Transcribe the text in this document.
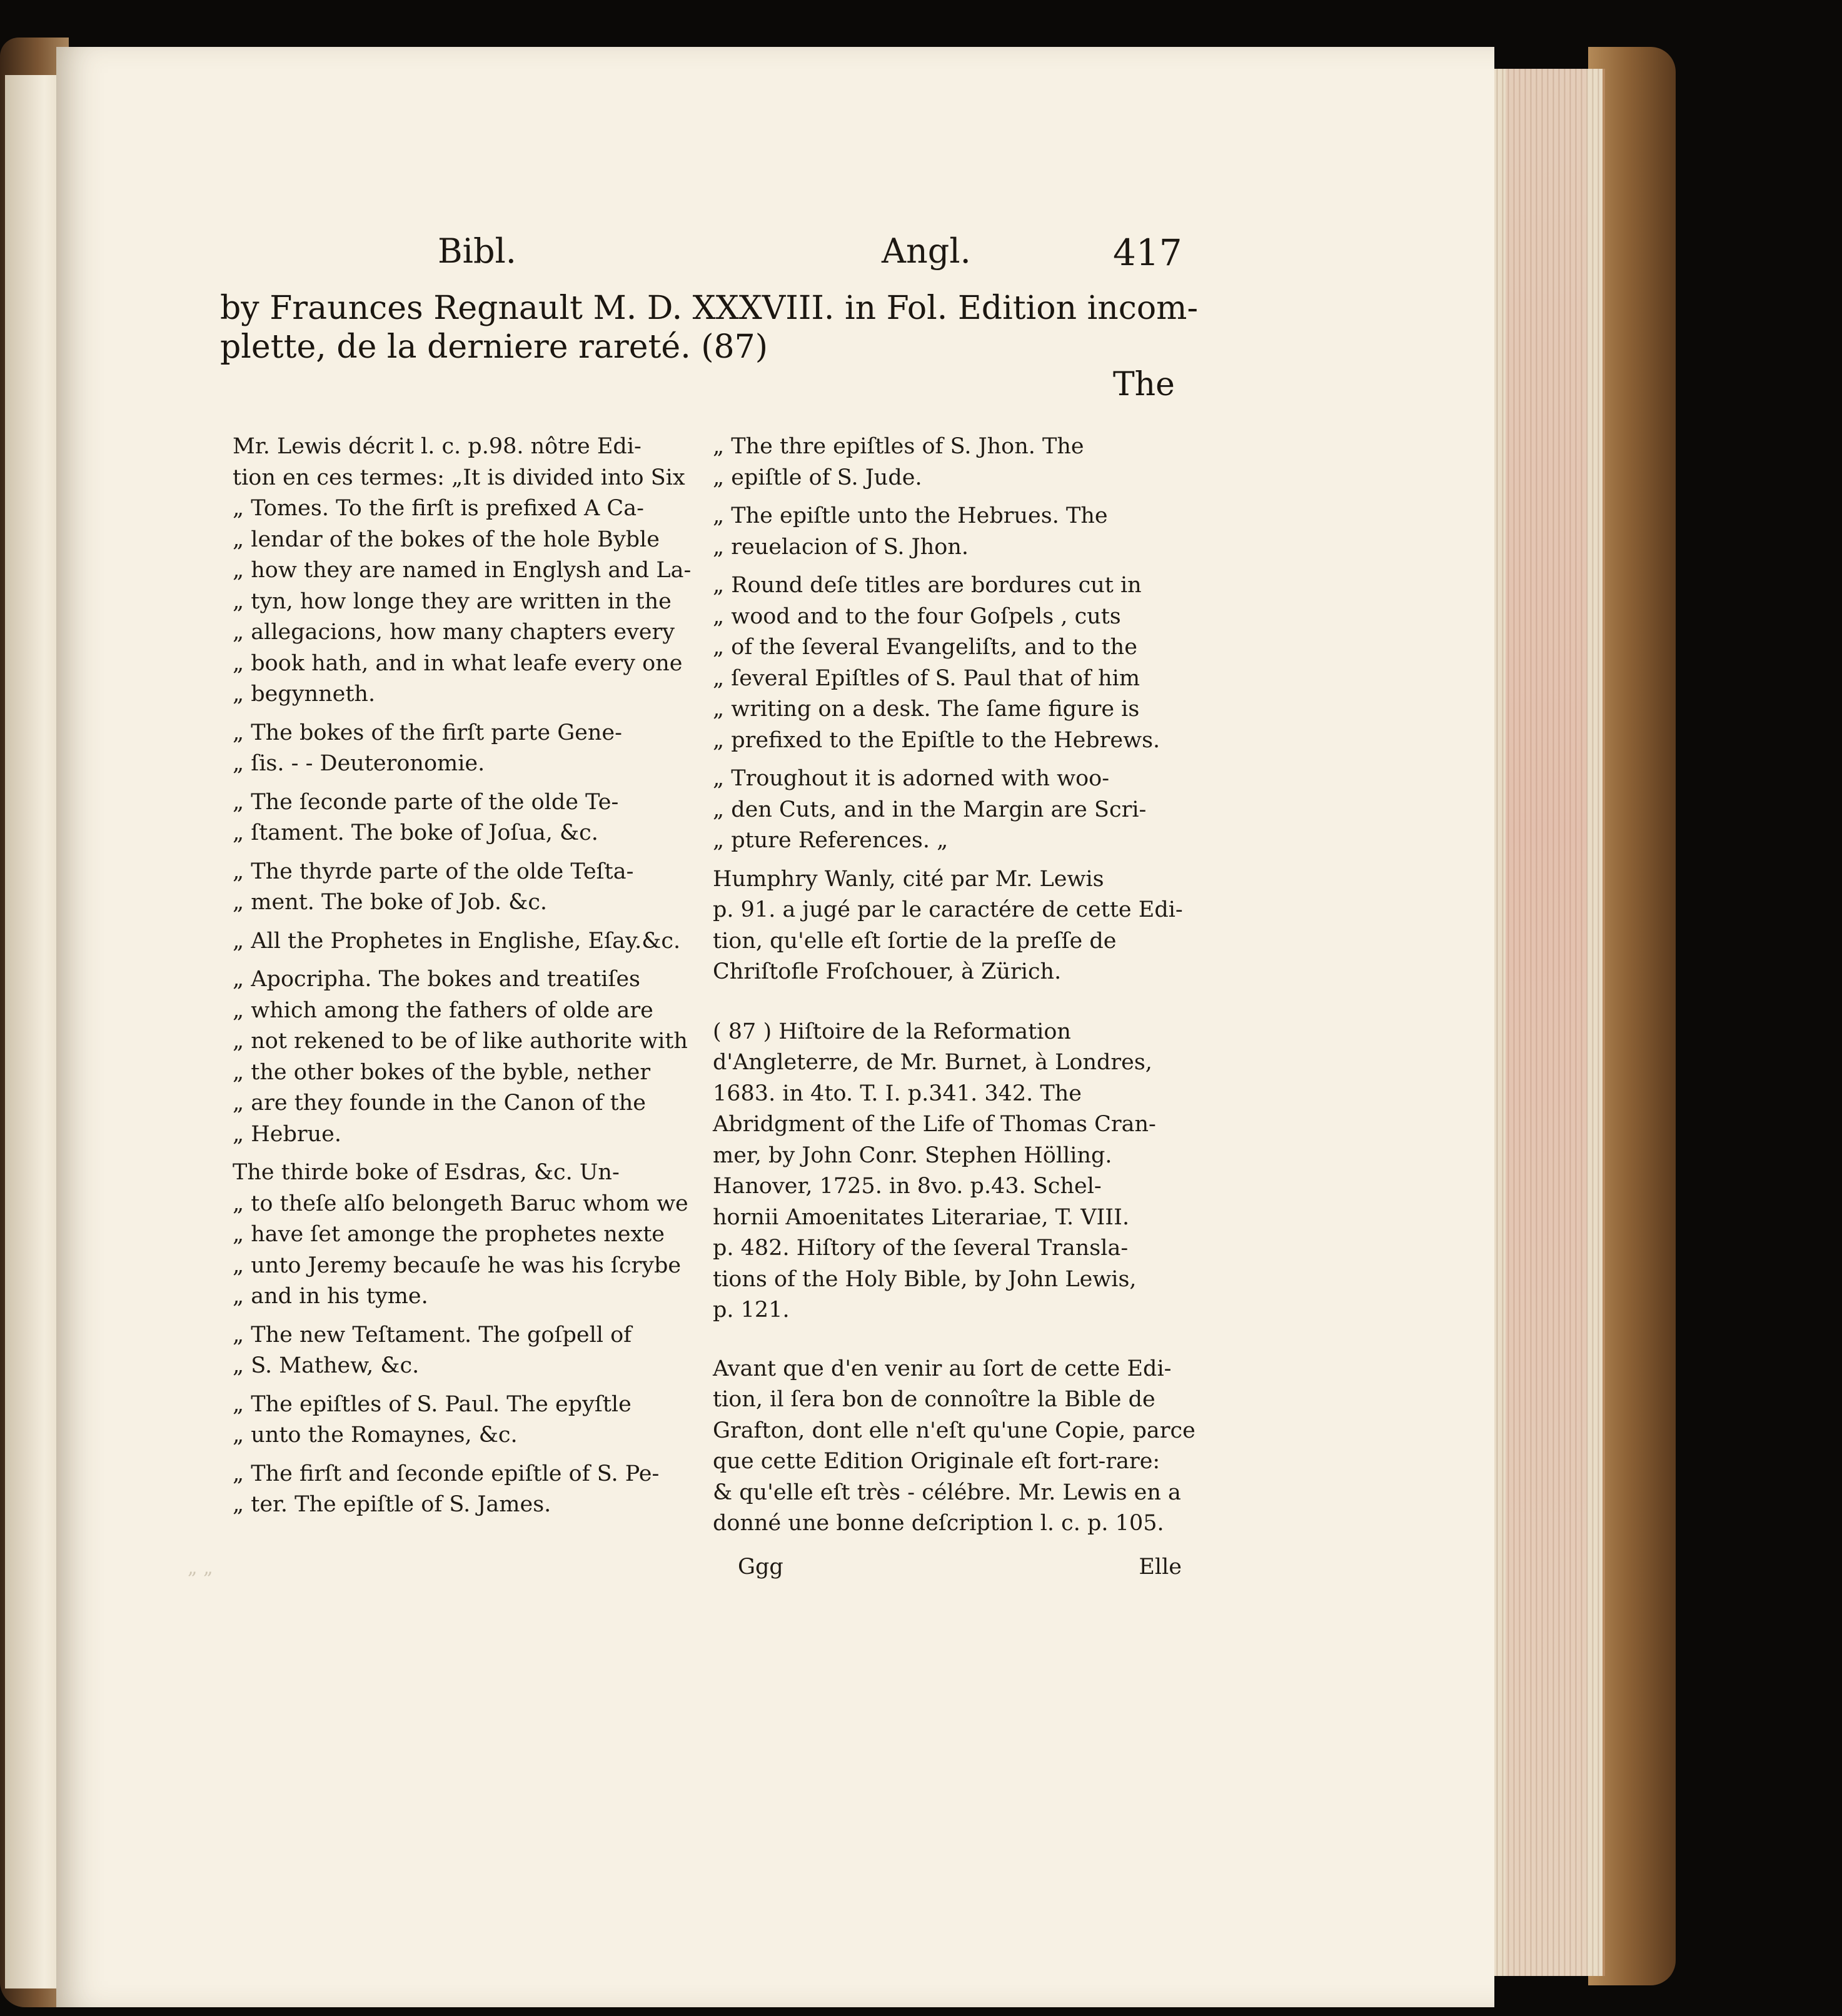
Bibl.	Angl.	417
by Fraunces Regnault M. D. XXXVIII. in Fol. Edition incom-
plette, de la derniere rareté. (87)
The
Mr. Lewis décrit l. c. p.98. nôtre Edi-
tion en ces termes: „It is divided into Six
„ Tomes. To the firſt is prefixed A Ca-
„ lendar of the bokes of the hole Byble
„ how they are named in Englysh and La-
„ tyn, how longe they are written in the
„ allegacions, how many chapters every
„ book hath, and in what leafe every one
„ begynneth.
„ The bokes of the firſt parte Gene-
„ ſis. - - Deuteronomie.
„ The ſeconde parte of the olde Te-
„ ſtament. The boke of Joſua, &c.
„ The thyrde parte of the olde Teſta-
„ ment. The boke of Job. &c.
„ All the Prophetes in Englishe, Eſay.&c.
„ Apocripha. The bokes and treatiſes
„ which among the fathers of olde are
„ not rekened to be of like authorite with
„ the other bokes of the byble, nether
„ are they founde in the Canon of the
„ Hebrue.
The thirde boke of Esdras, &c. Un-
„ to theſe alſo belongeth Baruc whom we
„ have ſet amonge the prophetes nexte
„ unto Jeremy becauſe he was his ſcrybe
„ and in his tyme.
„ The new Teſtament. The goſpell of
„ S. Mathew, &c.
„ The epiſtles of S. Paul. The epyſtle
„ unto the Romaynes, &c.
„ The firſt and ſeconde epiſtle of S. Pe-
„ ter. The epiſtle of S. James.
„ The thre epiſtles of S. Jhon. The
„ epiſtle of S. Jude.
„ The epiſtle unto the Hebrues. The
„ reuelacion of S. Jhon.
„ Round deſe titles are bordures cut in
„ wood and to the four Goſpels , cuts
„ of the ſeveral Evangeliſts, and to the
„ ſeveral Epiſtles of S. Paul that of him
„ writing on a desk. The ſame figure is
„ prefixed to the Epiſtle to the Hebrews.
„ Troughout it is adorned with woo-
„ den Cuts, and in the Margin are Scri-
„ pture References. „
Humphry Wanly, cité par Mr. Lewis
p. 91. a jugé par le caractére de cette Edi-
tion, qu'elle eſt ſortie de la preſſe de
Chriſtofle Froſchouer, à Zürich.
( 87 ) Hiſtoire de la Reformation
d'Angleterre, de Mr. Burnet, à Londres,
1683. in 4to. T. I. p.341. 342. The
Abridgment of the Life of Thomas Cran-
mer, by John Conr. Stephen Hölling.
Hanover, 1725. in 8vo. p.43. Schel-
hornii Amoenitates Literariae, T. VIII.
p. 482. Hiſtory of the ſeveral Transla-
tions of the Holy Bible, by John Lewis,
p. 121.
Avant que d'en venir au ſort de cette Edi-
tion, il ſera bon de connoître la Bible de
Grafton, dont elle n'eſt qu'une Copie, parce
que cette Edition Originale eſt fort-rare:
& qu'elle eſt très - célébre. Mr. Lewis en a
donné une bonne deſcription l. c. p. 105.
Ggg	Elle
„ „
